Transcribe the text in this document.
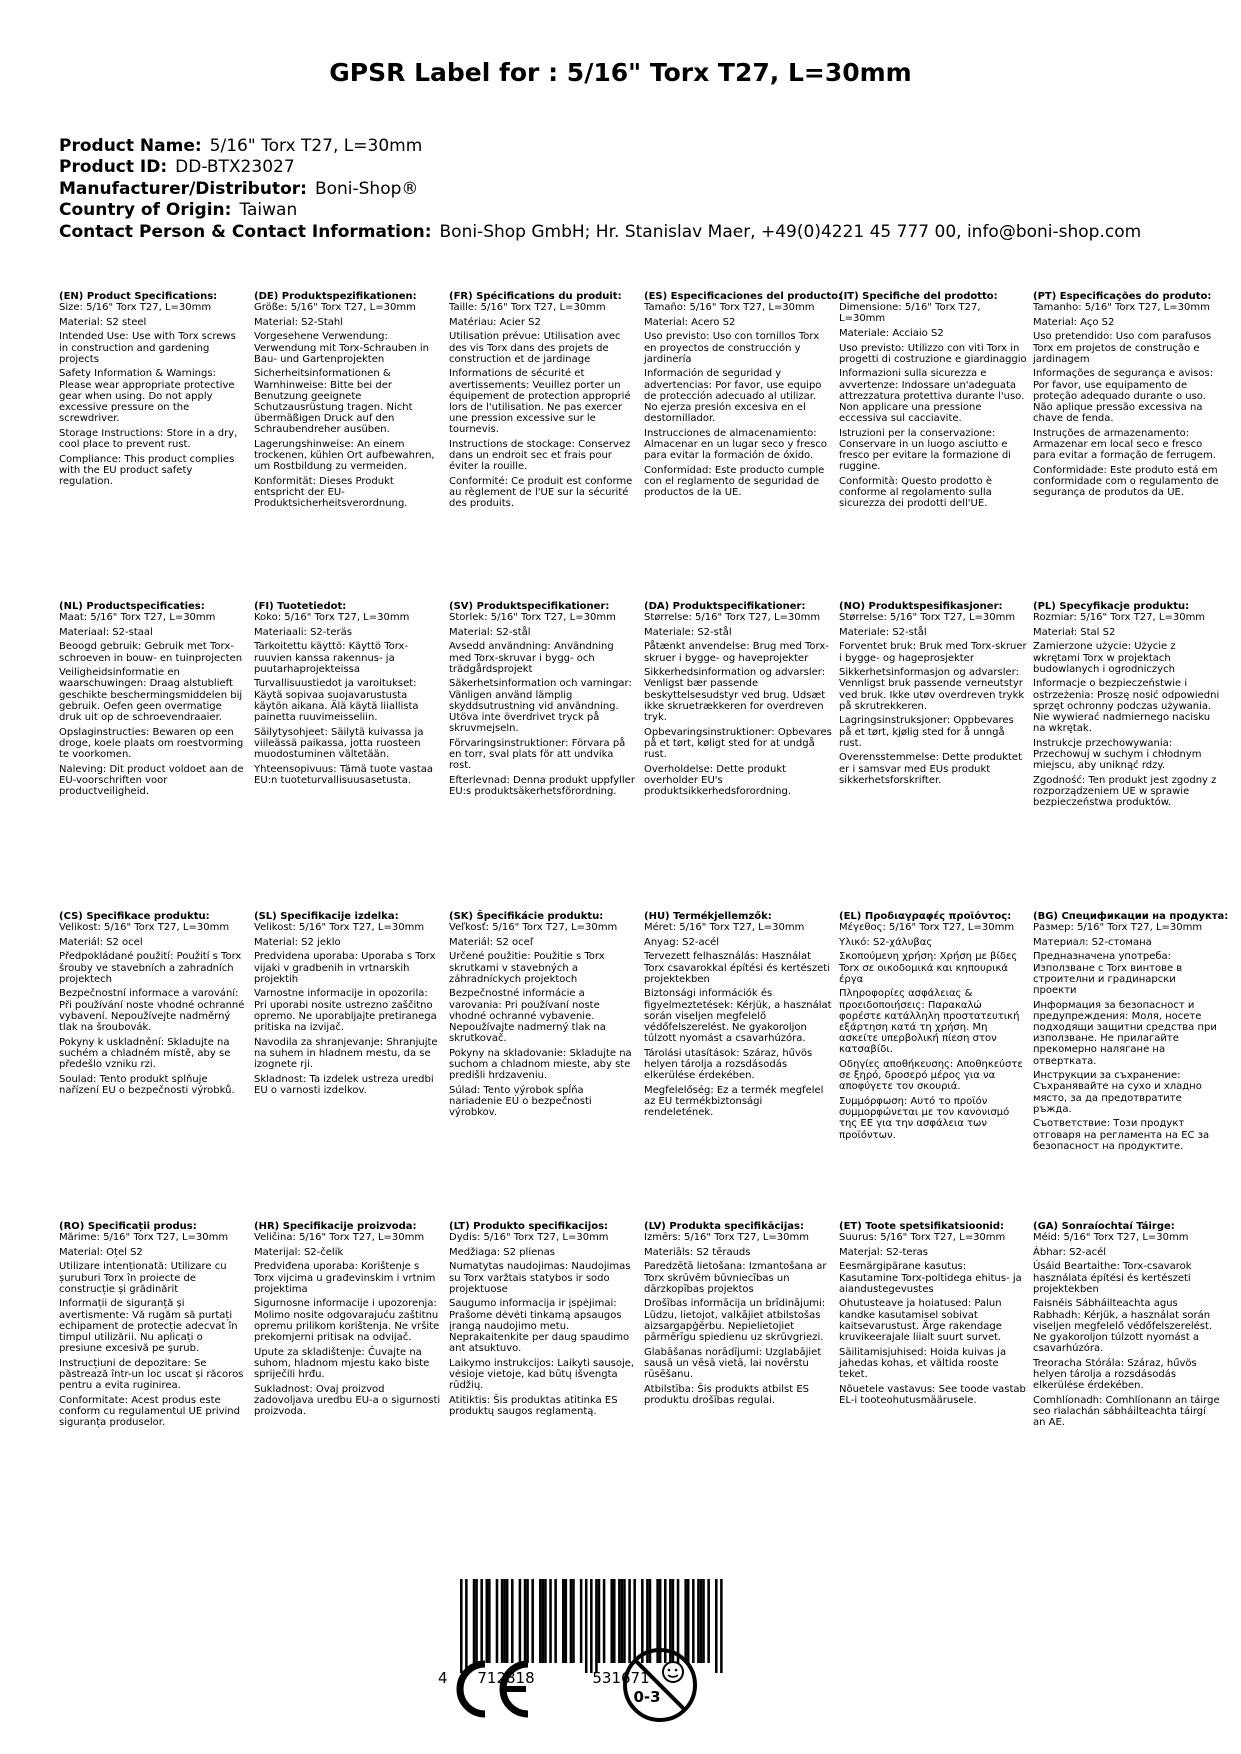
GPSR Label for : 5/16" Torx T27, L=30mm
Product Name: 5/16" Torx T27, L=30mm
Product ID: DD-BTX23027
Manufacturer/Distributor: Boni-Shop®
Country of Origin: Taiwan
Contact Person & Contact Information: Boni-Shop GmbH; Hr. Stanislav Maer, +49(0)4221 45 777 00, info@boni-shop.com
(EN) Product Specifications:

Size: 5/16" Torx T27, L=30mm

Material: S2 steel

Intended Use: Use with Torx screws in construction and gardening projects

Safety Information & Warnings: Please wear appropriate protective gear when using. Do not apply excessive pressure on the screwdriver.

Storage Instructions: Store in a dry, cool place to prevent rust.

Compliance: This product complies with the EU product safety regulation.

(DE) Produktspezifikationen:

Größe: 5/16" Torx T27, L=30mm

Material: S2-Stahl

Vorgesehene Verwendung: Verwendung mit Torx-Schrauben in Bau- und Gartenprojekten

Sicherheitsinformationen & Warnhinweise: Bitte bei der Benutzung geeignete Schutzausrüstung tragen. Nicht übermäßigen Druck auf den Schraubendreher ausüben.

Lagerungshinweise: An einem trockenen, kühlen Ort aufbewahren, um Rostbildung zu vermeiden.

Konformität: Dieses Produkt entspricht der EU-Produktsicherheitsverordnung.

(FR) Spécifications du produit:

Taille: 5/16" Torx T27, L=30mm

Matériau: Acier S2

Utilisation prévue: Utilisation avec des vis Torx dans des projets de construction et de jardinage

Informations de sécurité et avertissements: Veuillez porter un équipement de protection approprié lors de l'utilisation. Ne pas exercer une pression excessive sur le tournevis.

Instructions de stockage: Conservez dans un endroit sec et frais pour éviter la rouille.

Conformité: Ce produit est conforme au règlement de l'UE sur la sécurité des produits.

(ES) Especificaciones del producto:

Tamaño: 5/16" Torx T27, L=30mm

Material: Acero S2

Uso previsto: Uso con tornillos Torx en proyectos de construcción y jardinería

Información de seguridad y advertencias: Por favor, use equipo de protección adecuado al utilizar. No ejerza presión excesiva en el destornillador.

Instrucciones de almacenamiento: Almacenar en un lugar seco y fresco para evitar la formación de óxido.

Conformidad: Este producto cumple con el reglamento de seguridad de productos de la UE.

(IT) Specifiche del prodotto:

Dimensione: 5/16" Torx T27, L=30mm

Materiale: Acciaio S2

Uso previsto: Utilizzo con viti Torx in progetti di costruzione e giardinaggio

Informazioni sulla sicurezza e avvertenze: Indossare un'adeguata attrezzatura protettiva durante l'uso. Non applicare una pressione eccessiva sul cacciavite.

Istruzioni per la conservazione: Conservare in un luogo asciutto e fresco per evitare la formazione di ruggine.

Conformità: Questo prodotto è conforme al regolamento sulla sicurezza dei prodotti dell'UE.

(PT) Especificações do produto:

Tamanho: 5/16" Torx T27, L=30mm

Material: Aço S2

Uso pretendido: Uso com parafusos Torx em projetos de construção e jardinagem

Informações de segurança e avisos: Por favor, use equipamento de proteção adequado durante o uso. Não aplique pressão excessiva na chave de fenda.

Instruções de armazenamento: Armazenar em local seco e fresco para evitar a formação de ferrugem.

Conformidade: Este produto está em conformidade com o regulamento de segurança de produtos da UE.

(NL) Productspecificaties:

Maat: 5/16" Torx T27, L=30mm

Materiaal: S2-staal

Beoogd gebruik: Gebruik met Torx-schroeven in bouw- en tuinprojecten

Veiligheidsinformatie en waarschuwingen: Draag alstublieft geschikte beschermingsmiddelen bij gebruik. Oefen geen overmatige druk uit op de schroevendraaier.

Opslaginstructies: Bewaren op een droge, koele plaats om roestvorming te voorkomen.

Naleving: Dit product voldoet aan de EU-voorschriften voor productveiligheid.

(FI) Tuotetiedot:

Koko: 5/16" Torx T27, L=30mm

Materiaali: S2-teräs

Tarkoitettu käyttö: Käyttö Torx-ruuvien kanssa rakennus- ja puutarhaprojekteissa

Turvallisuustiedot ja varoitukset: Käytä sopivaa suojavarustusta käytön aikana. Älä käytä liiallista painetta ruuvimeisseliin.

Säilytysohjeet: Säilytä kuivassa ja viileässä paikassa, jotta ruosteen muodostuminen vältetään.

Yhteensopivuus: Tämä tuote vastaa EU:n tuoteturvallisuusasetusta.

(SV) Produktspecifikationer:

Storlek: 5/16" Torx T27, L=30mm

Material: S2-stål

Avsedd användning: Användning med Torx-skruvar i bygg- och trädgårdsprojekt

Säkerhetsinformation och varningar: Vänligen använd lämplig skyddsutrustning vid användning. Utöva inte överdrivet tryck på skruvmejseln.

Förvaringsinstruktioner: Förvara på en torr, sval plats för att undvika rost.

Efterlevnad: Denna produkt uppfyller EU:s produktsäkerhetsförordning.

(DA) Produktspecifikationer:

Størrelse: 5/16" Torx T27, L=30mm

Materiale: S2-stål

Påtænkt anvendelse: Brug med Torx-skruer i bygge- og haveprojekter

Sikkerhedsinformation og advarsler: Venligst bær passende beskyttelsesudstyr ved brug. Udsæt ikke skruetrækkeren for overdreven tryk.

Opbevaringsinstruktioner: Opbevares på et tørt, køligt sted for at undgå rust.

Overholdelse: Dette produkt overholder EU's produktsikkerhedsforordning.

(NO) Produktspesifikasjoner:

Størrelse: 5/16" Torx T27, L=30mm

Materiale: S2-stål

Forventet bruk: Bruk med Torx-skruer i bygge- og hageprosjekter

Sikkerhetsinformasjon og advarsler: Vennligst bruk passende verneutstyr ved bruk. Ikke utøv overdreven trykk på skrutrekkeren.

Lagringsinstruksjoner: Oppbevares på et tørt, kjølig sted for å unngå rust.

Overensstemmelse: Dette produktet er i samsvar med EUs produkt sikkerhetsforskrifter.

(PL) Specyfikacje produktu:

Rozmiar: 5/16" Torx T27, L=30mm

Materiał: Stal S2

Zamierzone użycie: Użycie z wkrętami Torx w projektach budowlanych i ogrodniczych

Informacje o bezpieczeństwie i ostrzeżenia: Proszę nosić odpowiedni sprzęt ochronny podczas używania. Nie wywierać nadmiernego nacisku na wkrętak.

Instrukcje przechowywania: Przechowuj w suchym i chłodnym miejscu, aby uniknąć rdzy.

Zgodność: Ten produkt jest zgodny z rozporządzeniem UE w sprawie bezpieczeństwa produktów.

(CS) Specifikace produktu:

Velikost: 5/16" Torx T27, L=30mm

Materiál: S2 ocel

Předpokládané použití: Použití s Torx šrouby ve stavebních a zahradních projektech

Bezpečnostní informace a varování: Při používání noste vhodné ochranné vybavení. Nepoužívejte nadměrný tlak na šroubovák.

Pokyny k uskladnění: Skladujte na suchém a chladném místě, aby se předešlo vzniku rzi.

Soulad: Tento produkt splňuje nařízení EU o bezpečnosti výrobků.

(SL) Specifikacije izdelka:

Velikost: 5/16" Torx T27, L=30mm

Material: S2 jeklo

Predvidena uporaba: Uporaba s Torx vijaki v gradbenih in vrtnarskih projektih

Varnostne informacije in opozorila: Pri uporabi nosite ustrezno zaščitno opremo. Ne uporabljajte pretiranega pritiska na izvijač.

Navodila za shranjevanje: Shranjujte na suhem in hladnem mestu, da se izognete rji.

Skladnost: Ta izdelek ustreza uredbi EU o varnosti izdelkov.

(SK) Špecifikácie produktu:

Veľkosť: 5/16" Torx T27, L=30mm

Materiál: S2 oceľ

Určené použitie: Použitie s Torx skrutkami v stavebných a záhradníckych projektoch

Bezpečnostné informácie a varovania: Pri používaní noste vhodné ochranné vybavenie. Nepoužívajte nadmerný tlak na skrutkovač.

Pokyny na skladovanie: Skladujte na suchom a chladnom mieste, aby ste predišli hrdzaveniu.

Súlad: Tento výrobok spĺňa nariadenie EÚ o bezpečnosti výrobkov.

(HU) Termékjellemzők:

Méret: 5/16" Torx T27, L=30mm

Anyag: S2-acél

Tervezett felhasználás: Használat Torx csavarokkal építési és kertészeti projektekben

Biztonsági információk és figyelmeztetések: Kérjük, a használat során viseljen megfelelő védőfelszerelést. Ne gyakoroljon túlzott nyomást a csavarhúzóra.

Tárolási utasítások: Száraz, hűvös helyen tárolja a rozsdásodás elkerülése érdekében.

Megfelelőség: Ez a termék megfelel az EU termékbiztonsági rendeletének.

(EL) Προδιαγραφές προϊόντος:

Μέγεθος: 5/16" Torx T27, L=30mm

Υλικό: S2-χάλυβας

Σκοπούμενη χρήση: Χρήση με βίδες Torx σε οικοδομικά και κηπουρικά έργα

Πληροφορίες ασφάλειας & προειδοποιήσεις: Παρακαλώ φορέστε κατάλληλη προστατευτική εξάρτηση κατά τη χρήση. Μη ασκείτε υπερβολική πίεση στον κατσαβίδι.

Οδηγίες αποθήκευσης: Αποθηκεύστε σε ξηρό, δροσερό μέρος για να αποφύγετε τον σκουριά.

Συμμόρφωση: Αυτό το προϊόν συμμορφώνεται με τον κανονισμό της ΕΕ για την ασφάλεια των προϊόντων.

(BG) Спецификации на продукта:

Размер: 5/16" Torx T27, L=30mm

Материал: S2-стомана

Предназначена употреба: Използване с Torx винтове в строителни и градинарски проекти

Информация за безопасност и предупреждения: Моля, носете подходящи защитни средства при използване. Не прилагайте прекомерно налягане на отвертката.

Инструкции за съхранение: Съхранявайте на сухо и хладно място, за да предотвратите ръжда.

Съответствие: Този продукт отговаря на регламента на ЕС за безопасност на продуктите.

(RO) Specificații produs:

Mărime: 5/16" Torx T27, L=30mm

Material: Oțel S2

Utilizare intenționată: Utilizare cu șuruburi Torx în proiecte de construcție și grădinărit

Informații de siguranță și avertismente: Vă rugăm să purtați echipament de protecție adecvat în timpul utilizării. Nu aplicați o presiune excesivă pe șurub.

Instrucțiuni de depozitare: Se păstrează într-un loc uscat și răcoros pentru a evita ruginirea.

Conformitate: Acest produs este conform cu regulamentul UE privind siguranța produselor.

(HR) Specifikacije proizvoda:

Veličina: 5/16" Torx T27, L=30mm

Materijal: S2-čelik

Predviđena uporaba: Korištenje s Torx vijcima u građevinskim i vrtnim projektima

Sigurnosne informacije i upozorenja: Molimo nosite odgovarajuću zaštitnu opremu prilikom korištenja. Ne vršite prekomjerni pritisak na odvijač.

Upute za skladištenje: Čuvajte na suhom, hladnom mjestu kako biste spriječili hrđu.

Sukladnost: Ovaj proizvod zadovoljava uredbu EU-a o sigurnosti proizvoda.

(LT) Produkto specifikacijos:

Dydis: 5/16" Torx T27, L=30mm

Medžiaga: S2 plienas

Numatytas naudojimas: Naudojimas su Torx varžtais statybos ir sodo projektuose

Saugumo informacija ir įspėjimai: Prašome dėvėti tinkamą apsaugos įrangą naudojimo metu. Neprakaitenkite per daug spaudimo ant atsuktuvo.

Laikymo instrukcijos: Laikyti sausoje, vėsioje vietoje, kad būtų išvengta rūdžių.

Atitiktis: Šis produktas atitinka ES produktų saugos reglamentą.

(LV) Produkta specifikācijas:

Izmērs: 5/16" Torx T27, L=30mm

Materiāls: S2 tērauds

Paredzētā lietošana: Izmantošana ar Torx skrūvēm būvniecības un dārzkopības projektos

Drošības informācija un brīdinājumi: Lūdzu, lietojot, valkājiet atbilstošas aizsargapģērbu. Nepielietojiet pārmērīgu spiedienu uz skrūvgriezi.

Glabāšanas norādījumi: Uzglabājiet sausā un vēsā vietā, lai novērstu rūsēšanu.

Atbilstība: Šis produkts atbilst ES produktu drošības regulai.

(ET) Toote spetsifikatsioonid:

Suurus: 5/16" Torx T27, L=30mm

Materjal: S2-teras

Eesmärgipärane kasutus: Kasutamine Torx-poltidega ehitus- ja aiandustegevustes

Ohutusteave ja hoiatused: Palun kandke kasutamisel sobivat kaitsevarustust. Ärge rakendage kruvikeerajale liialt suurt survet.

Säilitamisjuhised: Hoida kuivas ja jahedas kohas, et vältida rooste teket.

Nõuetele vastavus: See toode vastab EL-i tooteohutusmäärusele.

(GA) Sonraíochtaí Táirge:

Méid: 5/16" Torx T27, L=30mm

Ábhar: S2-acél

Úsáid Beartaithe: Torx-csavarok használata építési és kertészeti projektekben

Faisnéis Sábháilteachta agus Rabhadh: Kérjük, a használat során viseljen megfelelő védőfelszerelést. Ne gyakoroljon túlzott nyomást a csavarhúzóra.

Treoracha Stórála: Száraz, hűvös helyen tárolja a rozsdásodás elkerülése érdekében.

Comhlíonadh: Comhlíonann an táirge seo rialachán sábháilteachta táirgí an AE.

4 712818	531671
0-3
